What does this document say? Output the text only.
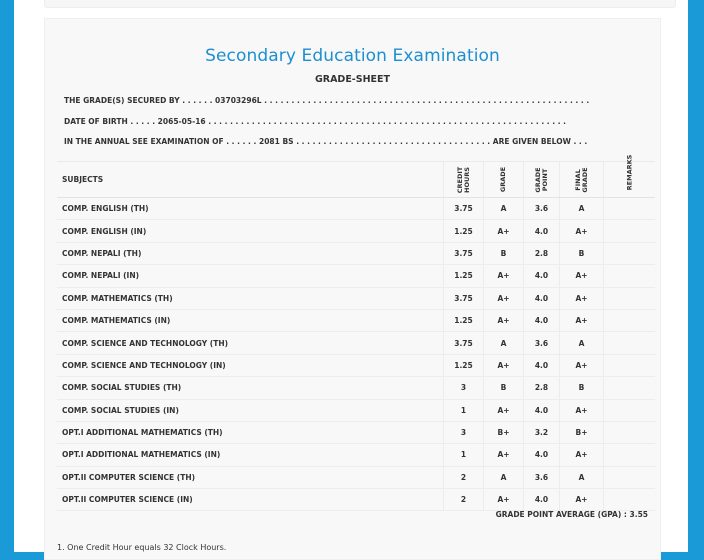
Secondary Education Examination
GRADE-SHEET
THE GRADE(S) SECURED BY . . . . . . 03703296L . . . . . . . . . . . . . . . . . . . . . . . . . . . . . . . . . . . . . . . . . . . . . . . . . . . . . . . . . . . .
DATE OF BIRTH . . . . . 2065-05-16 . . . . . . . . . . . . . . . . . . . . . . . . . . . . . . . . . . . . . . . . . . . . . . . . . . . . . . . . . . . . . . . . . .
IN THE ANNUAL SEE EXAMINATION OF . . . . . . 2081 BS . . . . . . . . . . . . . . . . . . . . . . . . . . . . . . . . . . . . ARE GIVEN BELOW . . .
SUBJECTS	CREDIT HOURS	GRADE	GRADE POINT	FINAL GRADE	REMARKS
COMP. ENGLISH (TH)	3.75	A	3.6	A
COMP. ENGLISH (IN)	1.25	A+	4.0	A+
COMP. NEPALI (TH)	3.75	B	2.8	B
COMP. NEPALI (IN)	1.25	A+	4.0	A+
COMP. MATHEMATICS (TH)	3.75	A+	4.0	A+
COMP. MATHEMATICS (IN)	1.25	A+	4.0	A+
COMP. SCIENCE AND TECHNOLOGY (TH)	3.75	A	3.6	A
COMP. SCIENCE AND TECHNOLOGY (IN)	1.25	A+	4.0	A+
COMP. SOCIAL STUDIES (TH)	3	B	2.8	B
COMP. SOCIAL STUDIES (IN)	1	A+	4.0	A+
OPT.I ADDITIONAL MATHEMATICS (TH)	3	B+	3.2	B+
OPT.I ADDITIONAL MATHEMATICS (IN)	1	A+	4.0	A+
OPT.II COMPUTER SCIENCE (TH)	2	A	3.6	A
OPT.II COMPUTER SCIENCE (IN)	2	A+	4.0	A+
GRADE POINT AVERAGE (GPA) : 3.55
1. One Credit Hour equals 32 Clock Hours.
